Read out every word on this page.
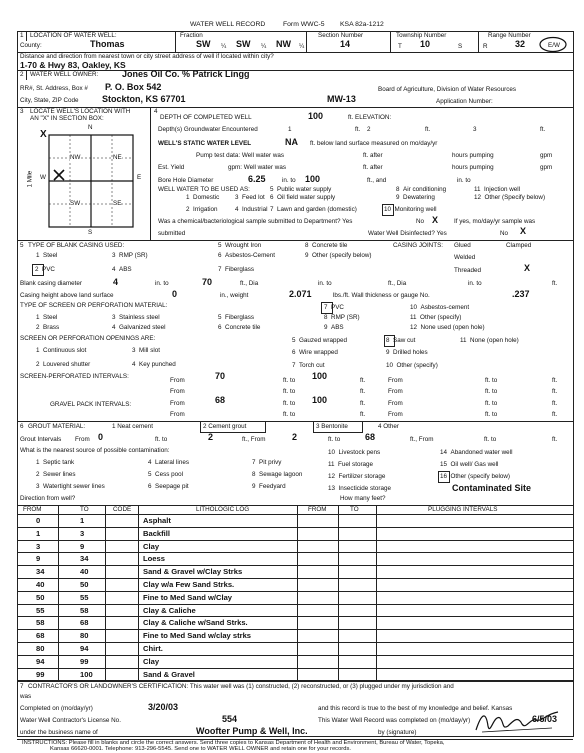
WATER WELL RECORD	Form WWC-5 KSA 82a-1212
1 LOCATION OF WATER WELL:
County:	Thomas
Fraction
SW ¼ SW ¼ NW ¼
Section Number
14
Township Number
T 10	S
Range Number
R	32	E/W
Distance and direction from nearest town or city street address of well if located within city?
1-70 & Hwy 83, Oakley, KS
2 WATER WELL OWNER:	Jones Oil Co. % Patrick Lingg
RR#, St. Address, Box # P. O. Box 542	Board of Agriculture, Division of Water Resources
City, State, ZIP Code	Stockton, KS 67701	MW-13	Application Number:
3 LOCATE WELL'S LOCATION WITH
AN "X" IN SECTION BOX:
X
N
S
W	E
1 Mile
NW	NE
SW	SE
4
DEPTH OF COMPLETED WELL	100	ft. ELEVATION:
Depth(s) Groundwater Encountered	1	ft. 2	ft.	3	ft.
WELL'S STATIC WATER LEVEL	NA ft. below land surface measured on mo/day/yr
Pump test data: Well water was	ft. after	hours pumping	gpm
Est. Yield	gpm: Well water was	ft. after	hours pumping	gpm
Bore Hole Diameter	6.25	in. to 100	ft., and	in. to
WELL WATER TO BE USED AS:
1 Domestic
2 Irrigation
3 Feed lot
4 Industrial
5 Public water supply
6 Oil field water supply
7 Lawn and garden (domestic)
8 Air conditioning
9 Dewatering
10 Monitoring well
11 Injection well
12 Other (Specify below)
Was a chemical/bacteriological sample submitted to Department? Yes	No X	If yes, mo/day/yr sample was
submitted	Water Well Disinfected? Yes	No X
5 TYPE OF BLANK CASING USED:
1 Steel
2 PVC
3 RMP (SR)
4 ABS
5 Wrought Iron
6 Asbestos-Cement
7 Fiberglass
8 Concrete tile
9 Other (specify below)
CASING JOINTS: Glued	Clamped
Welded
Threaded	X
Blank casing diameter	4	in. to	70	ft., Dia	in. to	ft., Dia	in. to	ft.
Casing height above land surface	0	in., weight	2.071	lbs./ft. Wall thickness or gauge No.	.237
TYPE OF SCREEN OR PERFORATION MATERIAL:
1 Steel
2 Brass
3 Stainless steel
4 Galvanized steel
5 Fiberglass
6 Concrete tile
7 PVC
8 RMP (SR)
9 ABS
10 Asbestos-cement
11 Other (specify)
12 None used (open hole)
SCREEN OR PERFORATION OPENINGS ARE:
1 Continuous slot
2 Louvered shutter
3 Mill slot
4 Key punched
5 Gauzed wrapped
6 Wire wrapped
7 Torch cut
8 Saw cut
9 Drilled holes
10 Other (specify)
11 None (open hole)
SCREEN-PERFORATED INTERVALS:
From	70	ft. to 100	ft.	From	ft. to	ft.
From	ft. to	ft.	From	ft. to	ft.
GRAVEL PACK INTERVALS:	From	68	ft. to 100	ft.	From	ft. to	ft.
From	ft. to	ft.	From	ft. to	ft.
6 GROUT MATERIAL:	1 Neat cement	2 Cement grout	3 Bentonite	4 Other
Grout Intervals From 0	ft. to	2	ft., From	2	ft. to	68	ft., From	ft. to	ft.
What is the nearest source of possible contamination:
1 Septic tank
2 Sewer lines
3 Watertight sewer lines
4 Lateral lines
5 Cess pool
6 Seepage pit
7 Pit privy
8 Sewage lagoon
9 Feedyard
10 Livestock pens
11 Fuel storage
12 Fertilizer storage
13 Insecticide storage
14 Abandoned water well
15 Oil well/ Gas well
16 Other (specify below)
Contaminated Site
Direction from well?	How many feet?
FROM	TO	CODE	LITHOLOGIC LOG	FROM	TO	PLUGGING INTERVALS
0	1	Asphalt
1	3	Backfill
3	9	Clay
9	34	Loess
34	40	Sand & Gravel w/Clay Strks
40	50	Clay w/a Few Sand Strks.
50	55	Fine to Med Sand w/Clay
55	58	Clay & Caliche
58	68	Clay & Caliche w/Sand Strks.
68	80	Fine to Med Sand w/clay strks
80	94	Chirt.
94	99	Clay
99	100	Sand & Gravel
7 CONTRACTOR'S OR LANDOWNER'S CERTIFICATION: This water well was (1) constructed, (2) reconstructed, or (3) plugged under my jurisdiction and
was
Completed on (mo/day/yr)	3/20/03	and this record is true to the best of my knowledge and belief. Kansas
Water Well Contractor's License No.	554	This Water Well Record was completed on (mo/day/yr)	6/5/03
under the business name of	Woofter Pump & Well, Inc.	by (signature)
INSTRUCTIONS: Please fill in blanks and circle the correct answers. Send three copies to Kansas Department of Health and Environment, Bureau of Water, Topeka,
Kansas 66620-0001. Telephone: 913-296-5545. Send one to WATER WELL OWNER and retain one for your records.
